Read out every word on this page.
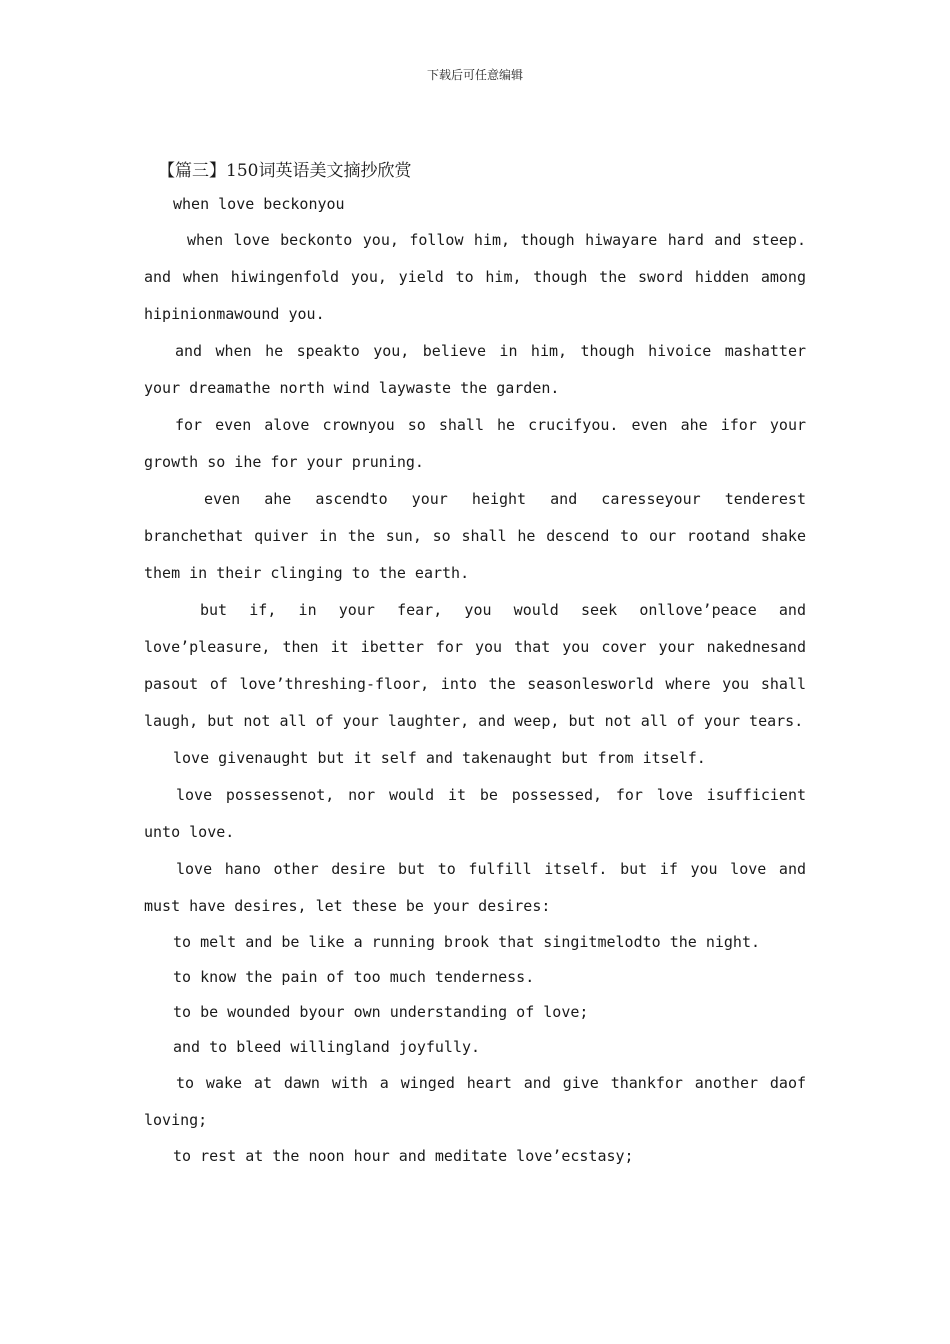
下载后可任意编辑
【篇三】150词英语美文摘抄欣赏
when love beckonyou

when love beckonto you, follow him, though hiwayare hard and steep. and when hiwingenfold you, yield to him, though the sword hidden among hipinionmawound you.

and when he speakto you, believe in him, though hivoice mashatter your dreamathe north wind laywaste the garden.

for even alove crownyou so shall he crucifyou. even ahe ifor your growth so ihe for your pruning.

even ahe ascendto your height and caresseyour tenderest branchethat quiver in the sun, so shall he descend to our rootand shake them in their clinging to the earth.

but if, in your fear, you would seek onllove’peace and love’pleasure, then it ibetter for you that you cover your nakednesand pasout of love’threshing-floor, into the seasonlesworld where you shall laugh, but not all of your laughter, and weep, but not all of your tears.

love givenaught but it self and takenaught but from itself.

love possessenot, nor would it be possessed, for love isufficient unto love.

love hano other desire but to fulfill itself. but if you love and must have desires, let these be your desires:

to melt and be like a running brook that singitmelodto the night.
to know the pain of too much tenderness.
to be wounded byour own understanding of love;
and to bleed willingland joyfully.

to wake at dawn with a winged heart and give thankfor another daof loving;

to rest at the noon hour and meditate love’ecstasy;
